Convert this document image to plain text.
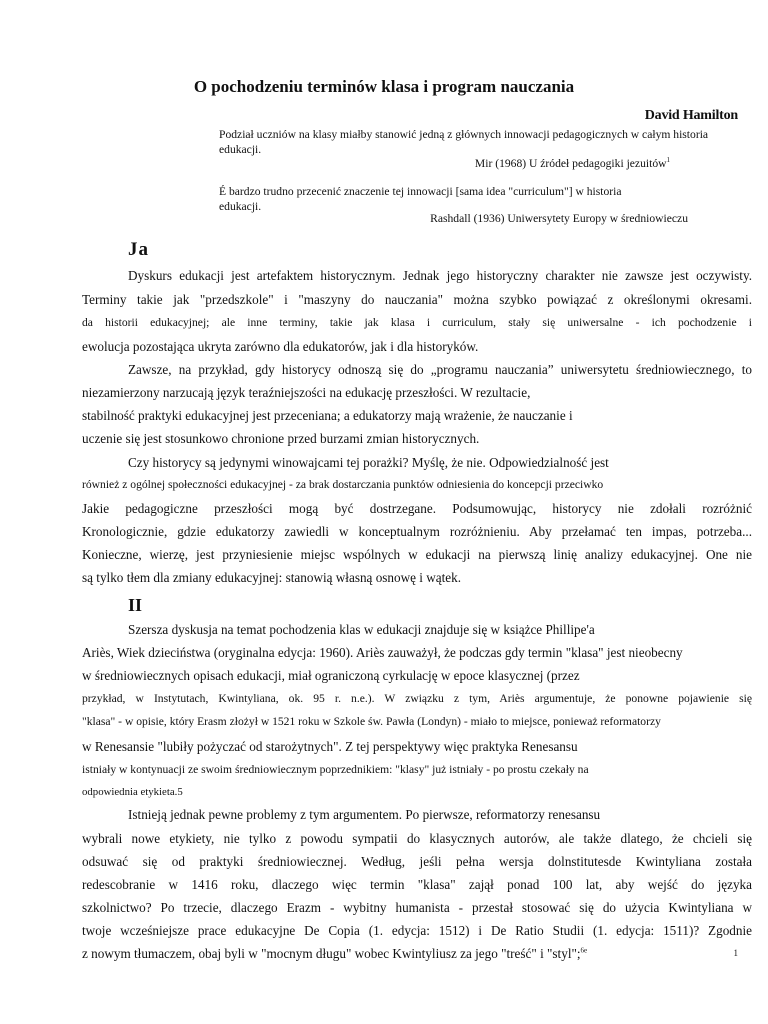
O pochodzeniu terminów klasa i program nauczania
David Hamilton
Podział uczniów na klasy miałby stanowić jedną z głównych innowacji pedagogicznych w całym historia edukacji.
Mir (1968) U źródeł pedagogiki jezuitów$^1$
É bardzo trudno przecenić znaczenie tej innowacji [sama idea "curriculum"] w historia edukacji.
Rashdall (1936) Uniwersytety Europy w średniowieczu
Ja
Dyskurs edukacji jest artefaktem historycznym. Jednak jego historyczny charakter nie zawsze jest oczywisty.
Terminy takie jak "przedszkole" i "maszyny do nauczania" można szybko powiązać z określonymi okresami.
da historii edukacyjnej; ale inne terminy, takie jak klasa i curriculum, stały się uniwersalne - ich pochodzenie i
ewolucja pozostająca ukryta zarówno dla edukatorów, jak i dla historyków.
Zawsze, na przykład, gdy historycy odnoszą się do „programu nauczania” uniwersytetu średniowiecznego, to
niezamierzony narzucają język teraźniejszości na edukację przeszłości. W rezultacie,
stabilność praktyki edukacyjnej jest przeceniana; a edukatorzy mają wrażenie, że nauczanie i
uczenie się jest stosunkowo chronione przed burzami zmian historycznych.
Czy historycy są jedynymi winowajcami tej porażki? Myślę, że nie. Odpowiedzialność jest
również z ogólnej społeczności edukacyjnej - za brak dostarczania punktów odniesienia do koncepcji przeciwko
Jakie pedagogiczne przeszłości mogą być dostrzegane. Podsumowując, historycy nie zdołali rozróżnić
Kronologicznie, gdzie edukatorzy zawiedli w konceptualnym rozróżnieniu. Aby przełamać ten impas, potrzeba...
Konieczne, wierzę, jest przyniesienie miejsc wspólnych w edukacji na pierwszą linię analizy edukacyjnej. One nie
są tylko tłem dla zmiany edukacyjnej: stanowią własną osnowę i wątek.
II
Szersza dyskusja na temat pochodzenia klas w edukacji znajduje się w książce Phillipe'a
Ariès, Wiek dzieciństwa (oryginalna edycja: 1960). Ariès zauważył, że podczas gdy termin "klasa" jest nieobecny
w średniowiecznych opisach edukacji, miał ograniczoną cyrkulację w epoce klasycznej (przez
przykład, w Instytutach, Kwintyliana, ok. 95 r. n.e.). W związku z tym, Ariès argumentuje, że ponowne pojawienie się
"klasa" - w opisie, który Erasm złożył w 1521 roku w Szkole św. Pawła (Londyn) - miało to miejsce, ponieważ reformatorzy
w Renesansie "lubiły pożyczać od starożytnych". Z tej perspektywy więc praktyka Renesansu
istniały w kontynuacji ze swoim średniowiecznym poprzednikiem: "klasy" już istniały - po prostu czekały na
odpowiednia etykieta.5
Istnieją jednak pewne problemy z tym argumentem. Po pierwsze, reformatorzy renesansu
wybrali nowe etykiety, nie tylko z powodu sympatii do klasycznych autorów, ale także dlatego, że chcieli się
odsuwać się od praktyki średniowiecznej. Według, jeśli pełna wersja dolnstitutesde Kwintyliana została
redescobranie w 1416 roku, dlaczego więc termin "klasa" zajął ponad 100 lat, aby wejść do języka
szkolnictwo? Po trzecie, dlaczego Erazm - wybitny humanista - przestał stosować się do użycia Kwintyliana w
twoje wcześniejsze prace edukacyjne De Copia (1. edycja: 1512) i De Ratio Studii (1. edycja: 1511)? Zgodnie
z nowym tłumaczem, obaj byli w "mocnym długu" wobec Kwintyliusz za jego "treść" i "styl";$^{6e}$	1
